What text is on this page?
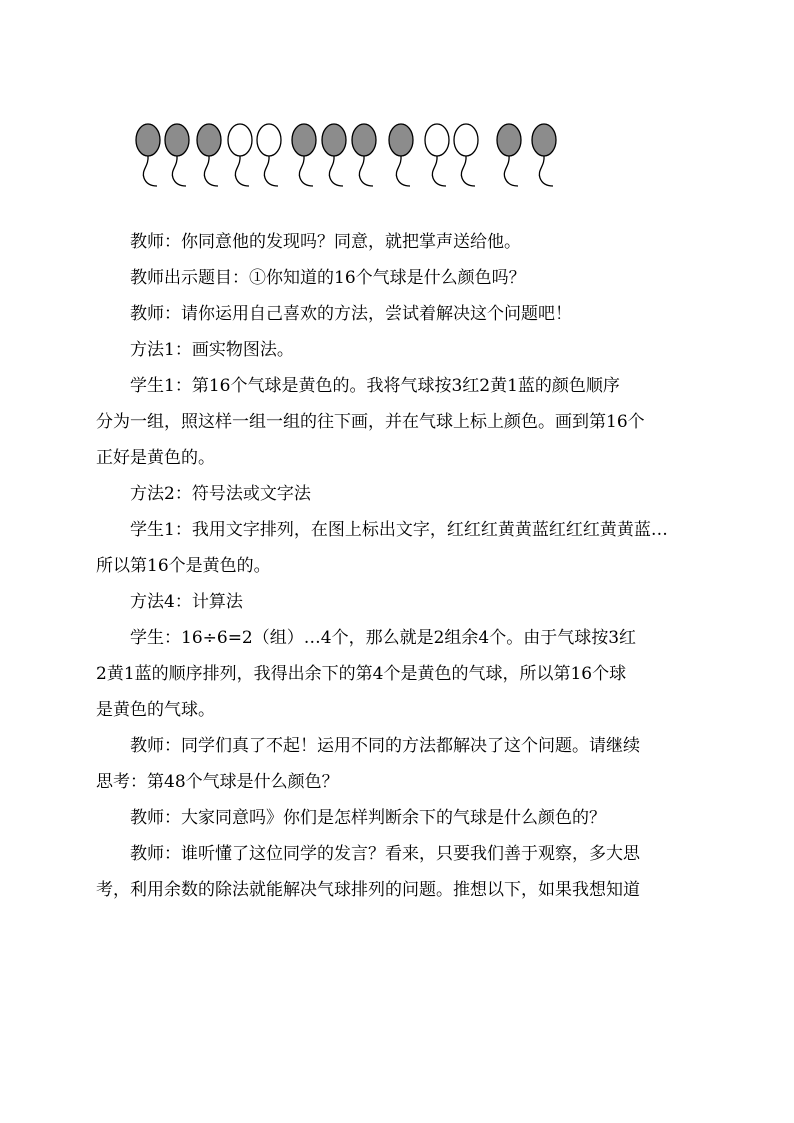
教师：你同意他的发现吗？同意，就把掌声送给他。

教师出示题目：①你知道的16个气球是什么颜色吗？

教师：请你运用自己喜欢的方法，尝试着解决这个问题吧！

方法1：画实物图法。

学生1：第16个气球是黄色的。我将气球按3红2黄1蓝的颜色顺序
分为一组，照这样一组一组的往下画，并在气球上标上颜色。画到第16个
正好是黄色的。

方法2：符号法或文字法

学生1：我用文字排列，在图上标出文字，红红红黄黄蓝红红红黄黄蓝…
所以第16个是黄色的。

方法4：计算法

学生：16÷6=2（组）…4个，那么就是2组余4个。由于气球按3红
2黄1蓝的顺序排列，我得出余下的第4个是黄色的气球，所以第16个球
是黄色的气球。

教师：同学们真了不起！运用不同的方法都解决了这个问题。请继续
思考：第48个气球是什么颜色？

教师：大家同意吗》你们是怎样判断余下的气球是什么颜色的？

教师：谁听懂了这位同学的发言？看来，只要我们善于观察，多大思
考，利用余数的除法就能解决气球排列的问题。推想以下，如果我想知道
